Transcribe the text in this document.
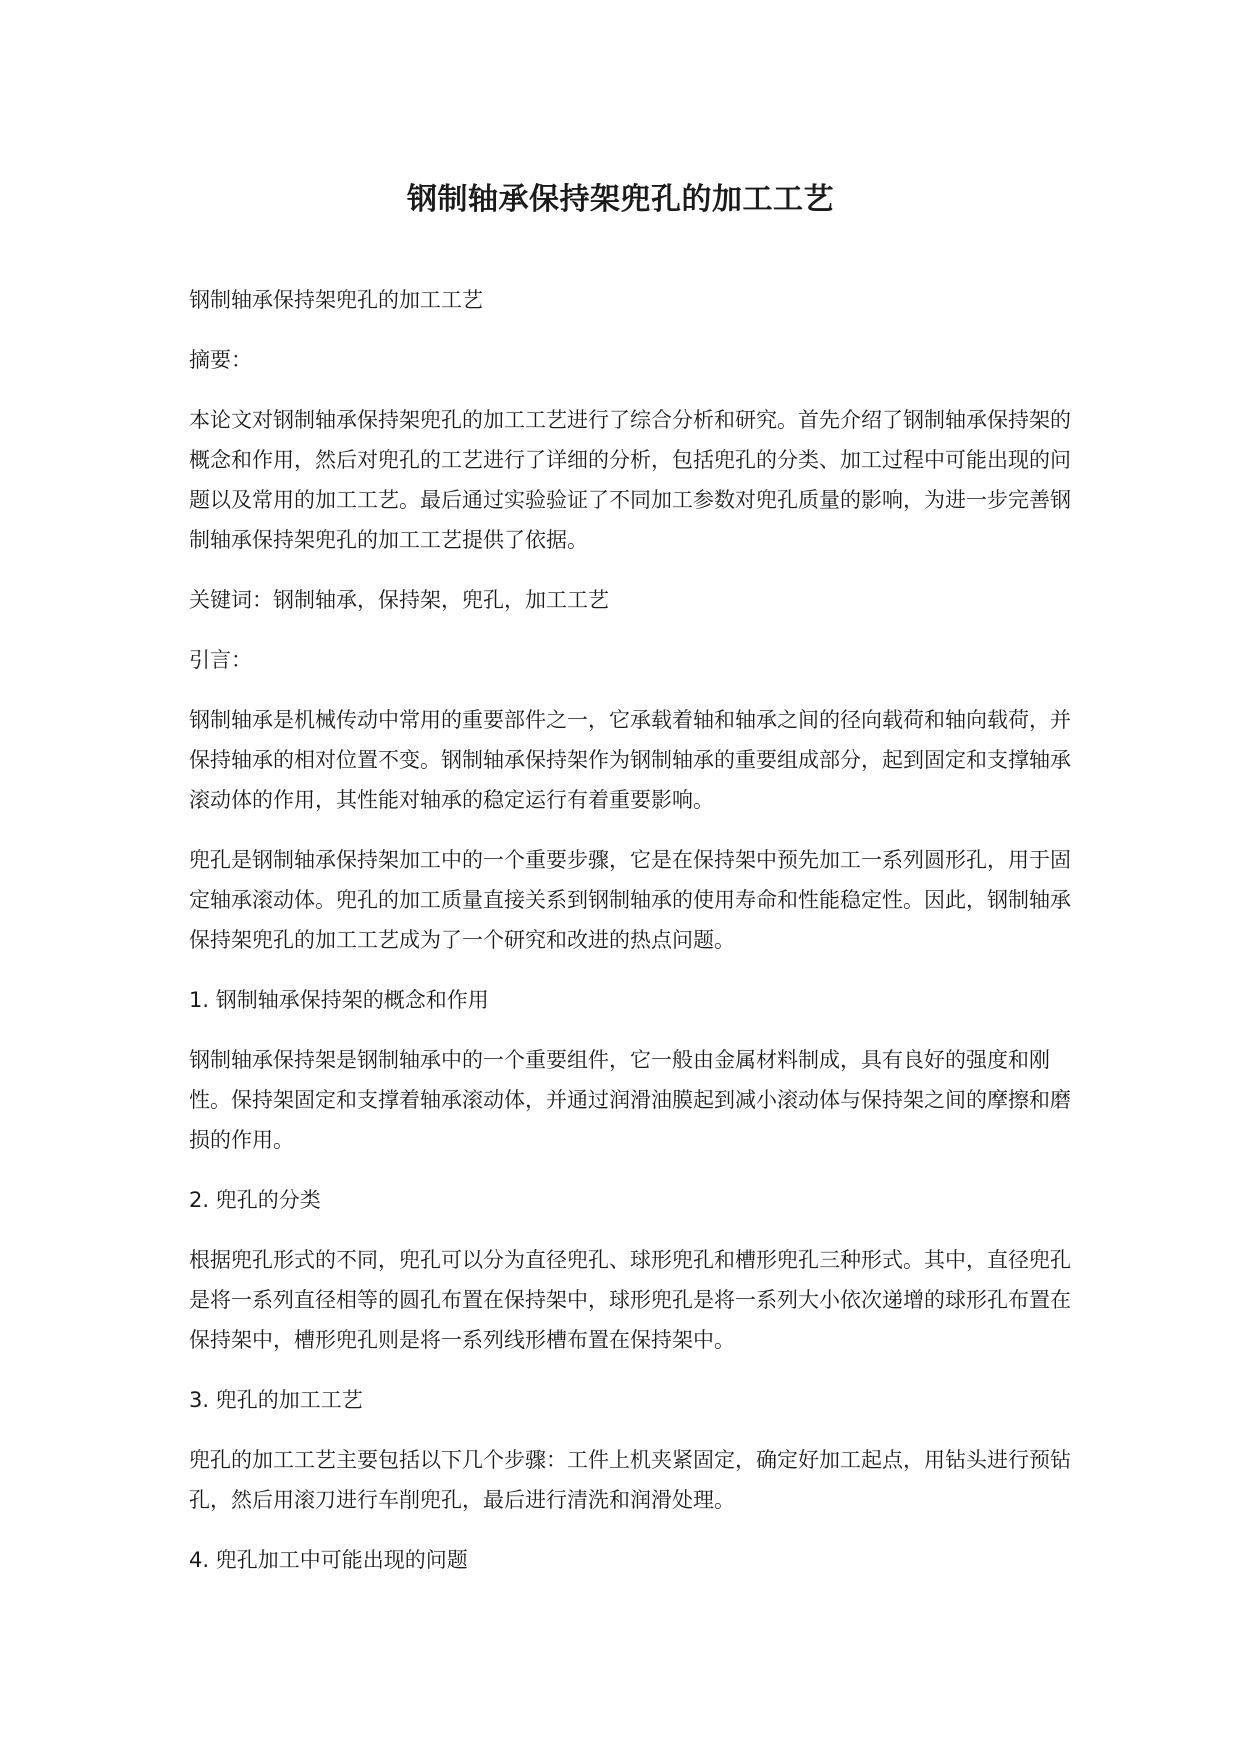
钢制轴承保持架兜孔的加工工艺

钢制轴承保持架兜孔的加工工艺

摘要：

本论文对钢制轴承保持架兜孔的加工工艺进行了综合分析和研究。首先介绍了钢制轴承保持架的概念和作用，然后对兜孔的工艺进行了详细的分析，包括兜孔的分类、加工过程中可能出现的问题以及常用的加工工艺。最后通过实验验证了不同加工参数对兜孔质量的影响，为进一步完善钢制轴承保持架兜孔的加工工艺提供了依据。

关键词：钢制轴承，保持架，兜孔，加工工艺

引言：

钢制轴承是机械传动中常用的重要部件之一，它承载着轴和轴承之间的径向载荷和轴向载荷，并保持轴承的相对位置不变。钢制轴承保持架作为钢制轴承的重要组成部分，起到固定和支撑轴承滚动体的作用，其性能对轴承的稳定运行有着重要影响。

兜孔是钢制轴承保持架加工中的一个重要步骤，它是在保持架中预先加工一系列圆形孔，用于固定轴承滚动体。兜孔的加工质量直接关系到钢制轴承的使用寿命和性能稳定性。因此，钢制轴承保持架兜孔的加工工艺成为了一个研究和改进的热点问题。

1. 钢制轴承保持架的概念和作用

钢制轴承保持架是钢制轴承中的一个重要组件，它一般由金属材料制成，具有良好的强度和刚性。保持架固定和支撑着轴承滚动体，并通过润滑油膜起到减小滚动体与保持架之间的摩擦和磨损的作用。

2. 兜孔的分类

根据兜孔形式的不同，兜孔可以分为直径兜孔、球形兜孔和槽形兜孔三种形式。其中，直径兜孔是将一系列直径相等的圆孔布置在保持架中，球形兜孔是将一系列大小依次递增的球形孔布置在保持架中，槽形兜孔则是将一系列线形槽布置在保持架中。

3. 兜孔的加工工艺

兜孔的加工工艺主要包括以下几个步骤：工件上机夹紧固定，确定好加工起点，用钻头进行预钻孔，然后用滚刀进行车削兜孔，最后进行清洗和润滑处理。

4. 兜孔加工中可能出现的问题
